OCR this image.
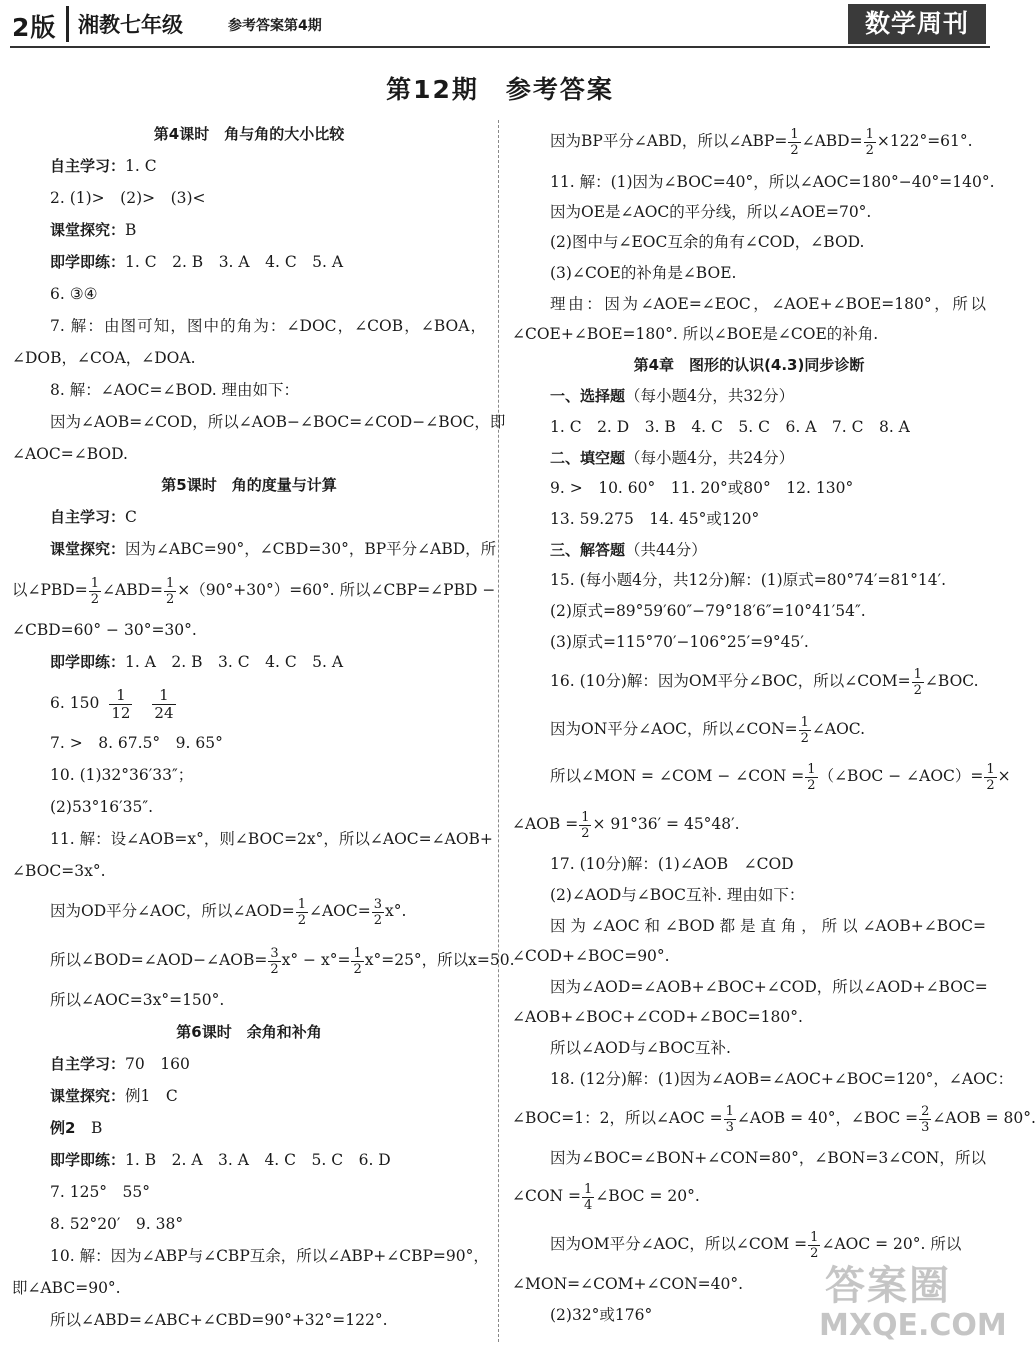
2版 湘教七年级	参考答案第4期	数学周刊
第12期　参考答案
第4课时　角与角的大小比较
自主学习：1. C
2. (1)>　(2)>　(3)<
课堂探究：B
即学即练：1. C　2. B　3. A　4. C　5. A
6. ③④
7. 解：由图可知，图中的角为：∠DOC，∠COB，∠BOA，
∠DOB，∠COA，∠DOA.
8. 解：∠AOC=∠BOD. 理由如下：
因为∠AOB=∠COD，所以∠AOB−∠BOC=∠COD−∠BOC，即
∠AOC=∠BOD.
第5课时　角的度量与计算
自主学习：C
课堂探究：因为∠ABC=90°，∠CBD=30°，BP平分∠ABD，所
以∠PBD= $\frac{1}{2}$ ∠ABD= $\frac{1}{2} \times(90^\circ+30^\circ)=60^\circ$. 所以∠CBP=∠PBD −
∠CBD=60° − 30°=30°.
即学即练：1. A　2. B　3. C　4. C　5. A
6. $150 \frac{1}{12} \frac{1}{24}$
7. >　8. 67.5°　9. 65°
10. (1)32°36′33″；
(2)53°16′35″.
11. 解：设∠AOB=x°，则∠BOC=2x°，所以∠AOC=∠AOB+
∠BOC=3x°.
因为OD平分∠AOC，所以∠AOD= $\frac{1}{2}$ ∠AOC= $\frac{3}{2} x^\circ$.
所以∠BOD=∠AOD−∠AOB= $\frac{3}{2} x^\circ - x^\circ= \frac{1}{2} x^\circ=25^\circ$，所以x=50.
所以∠AOC=3x°=150°.
第6课时　余角和补角
自主学习：70　160
课堂探究：例1　C
例2　B
即学即练：1. B　2. A　3. A　4. C　5. C　6. D
7. 125°　55°
8. 52°20′　9. 38°
10. 解：因为∠ABP与∠CBP互余，所以∠ABP+∠CBP=90°，
即∠ABC=90°.
所以∠ABD=∠ABC+∠CBD=90°+32°=122°.
因为BP平分∠ABD，所以∠ABP= $\frac{1}{2}$ ∠ABD= $\frac{1}{2} \times 122^\circ=61^\circ$.
11. 解：(1)因为∠BOC=40°，所以∠AOC=180°−40°=140°.
因为OE是∠AOC的平分线，所以∠AOE=70°.
(2)图中与∠EOC互余的角有∠COD，∠BOD.
(3)∠COE的补角是∠BOE.
理由：因为∠AOE=∠EOC，∠AOE+∠BOE=180°，所以
∠COE+∠BOE=180°. 所以∠BOE是∠COE的补角.
第4章　图形的认识(4.3)同步诊断
一、选择题（每小题4分，共32分）
1. C　2. D　3. B　4. C　5. C　6. A　7. C　8. A
二、填空题（每小题4分，共24分）
9. >　10. 60°　11. 20°或80°　12. 130°
13. 59.275　14. 45°或120°
三、解答题（共44分）
15. (每小题4分，共12分)解：(1)原式=80°74′=81°14′.
(2)原式=89°59′60″−79°18′6″=10°41′54″.
(3)原式=115°70′−106°25′=9°45′.
16. (10分)解：因为OM平分∠BOC，所以∠COM= $\frac{1}{2}$ ∠BOC.
因为ON平分∠AOC，所以∠CON= $\frac{1}{2}$ ∠AOC.
所以∠MON = ∠COM − ∠CON = $\frac{1}{2}$ （∠BOC − ∠AOC）= $\frac{1}{2}$ ×
∠AOB = $\frac{1}{2} \times 91^\circ 36' = 45^\circ 48'$.
17. (10分)解：(1)∠AOB　∠COD
(2)∠AOD与∠BOC互补. 理由如下：
因为∠AOC和∠BOD都是直角，所以∠AOB+∠BOC=
∠COD+∠BOC=90°.
因为∠AOD=∠AOB+∠BOC+∠COD，所以∠AOD+∠BOC=
∠AOB+∠BOC+∠COD+∠BOC=180°.
所以∠AOD与∠BOC互补.
18. (12分)解：(1)因为∠AOB=∠AOC+∠BOC=120°，∠AOC：
∠BOC=1：2，所以∠AOC = $\frac{1}{3}$ ∠AOB = 40°，∠BOC = $\frac{2}{3}$ ∠AOB = 80°.
因为∠BOC=∠BON+∠CON=80°，∠BON=3∠CON，所以
∠CON = $\frac{1}{4}$ ∠BOC = 20°.
因为OM平分∠AOC，所以∠COM = $\frac{1}{2}$ ∠AOC = 20°. 所以
∠MON=∠COM+∠CON=40°.
(2)32°或176°
答案圈
MXQE.COM
